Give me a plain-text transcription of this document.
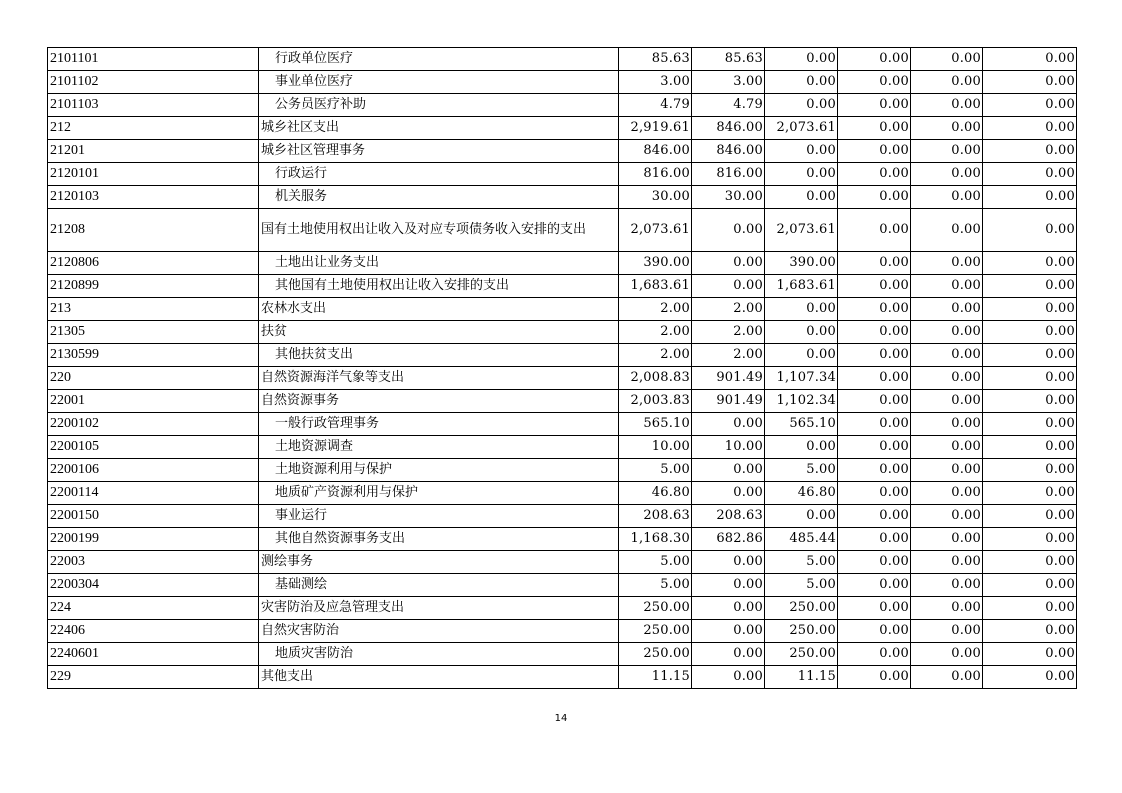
2101101	行政单位医疗	85.63	85.63	0.00	0.00	0.00	0.00
2101102	事业单位医疗	3.00	3.00	0.00	0.00	0.00	0.00
2101103	公务员医疗补助	4.79	4.79	0.00	0.00	0.00	0.00
212	城乡社区支出	2,919.61	846.00	2,073.61	0.00	0.00	0.00
21201	城乡社区管理事务	846.00	846.00	0.00	0.00	0.00	0.00
2120101	行政运行	816.00	816.00	0.00	0.00	0.00	0.00
2120103	机关服务	30.00	30.00	0.00	0.00	0.00	0.00
21208	国有土地使用权出让收入及对应专项债务收入安排的支出	2,073.61	0.00	2,073.61	0.00	0.00	0.00
2120806	土地出让业务支出	390.00	0.00	390.00	0.00	0.00	0.00
2120899	其他国有土地使用权出让收入安排的支出	1,683.61	0.00	1,683.61	0.00	0.00	0.00
213	农林水支出	2.00	2.00	0.00	0.00	0.00	0.00
21305	扶贫	2.00	2.00	0.00	0.00	0.00	0.00
2130599	其他扶贫支出	2.00	2.00	0.00	0.00	0.00	0.00
220	自然资源海洋气象等支出	2,008.83	901.49	1,107.34	0.00	0.00	0.00
22001	自然资源事务	2,003.83	901.49	1,102.34	0.00	0.00	0.00
2200102	一般行政管理事务	565.10	0.00	565.10	0.00	0.00	0.00
2200105	土地资源调查	10.00	10.00	0.00	0.00	0.00	0.00
2200106	土地资源利用与保护	5.00	0.00	5.00	0.00	0.00	0.00
2200114	地质矿产资源利用与保护	46.80	0.00	46.80	0.00	0.00	0.00
2200150	事业运行	208.63	208.63	0.00	0.00	0.00	0.00
2200199	其他自然资源事务支出	1,168.30	682.86	485.44	0.00	0.00	0.00
22003	测绘事务	5.00	0.00	5.00	0.00	0.00	0.00
2200304	基础测绘	5.00	0.00	5.00	0.00	0.00	0.00
224	灾害防治及应急管理支出	250.00	0.00	250.00	0.00	0.00	0.00
22406	自然灾害防治	250.00	0.00	250.00	0.00	0.00	0.00
2240601	地质灾害防治	250.00	0.00	250.00	0.00	0.00	0.00
229	其他支出	11.15	0.00	11.15	0.00	0.00	0.00
14
